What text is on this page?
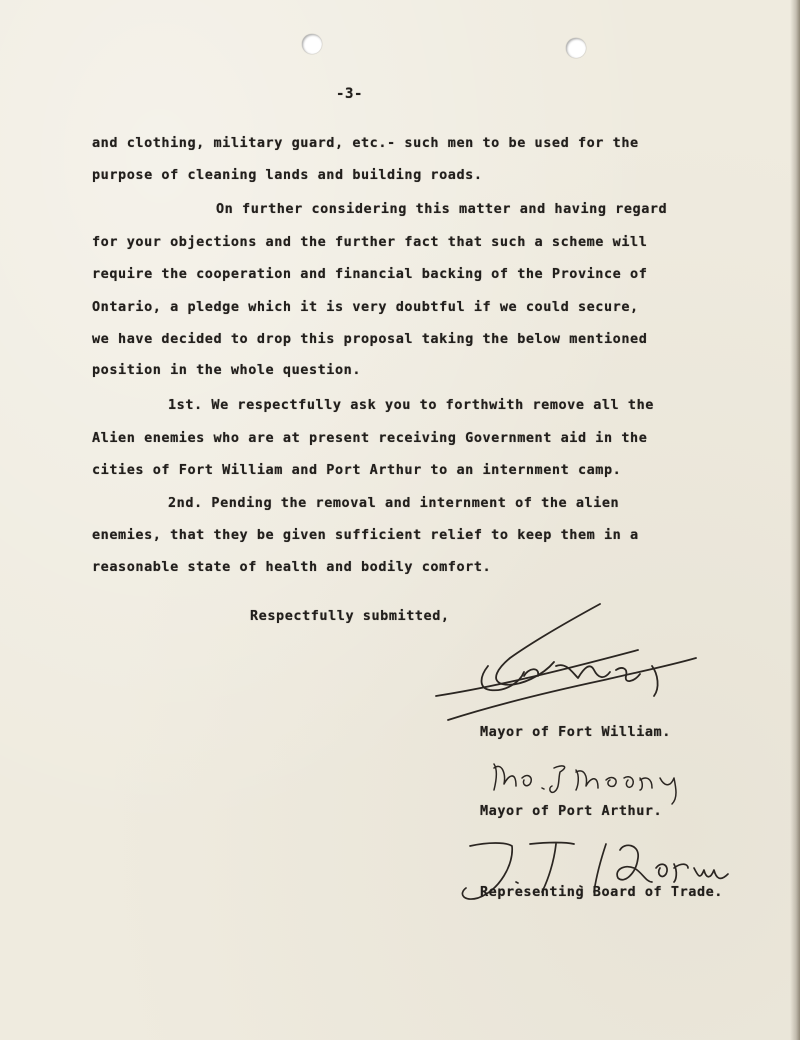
-3-

and clothing, military guard, etc.- such men to be used for the

purpose of cleaning lands and building roads.

On further considering this matter and having regard

for your objections and the further fact that such a scheme will

require the cooperation and financial backing of the Province of

Ontario, a pledge which it is very doubtful if we could secure,

we have decided to drop this proposal taking the below mentioned

position in the whole question.

1st. We respectfully ask you to forthwith remove all the

Alien enemies who are at present receiving Government aid in the

cities of Fort William and Port Arthur to an internment camp.

2nd. Pending the removal and internment of the alien

enemies, that they be given sufficient relief to keep them in a

reasonable state of health and bodily comfort.

Respectfully submitted,

Mayor of Fort William.

Mayor of Port Arthur.

Representing Board of Trade.
